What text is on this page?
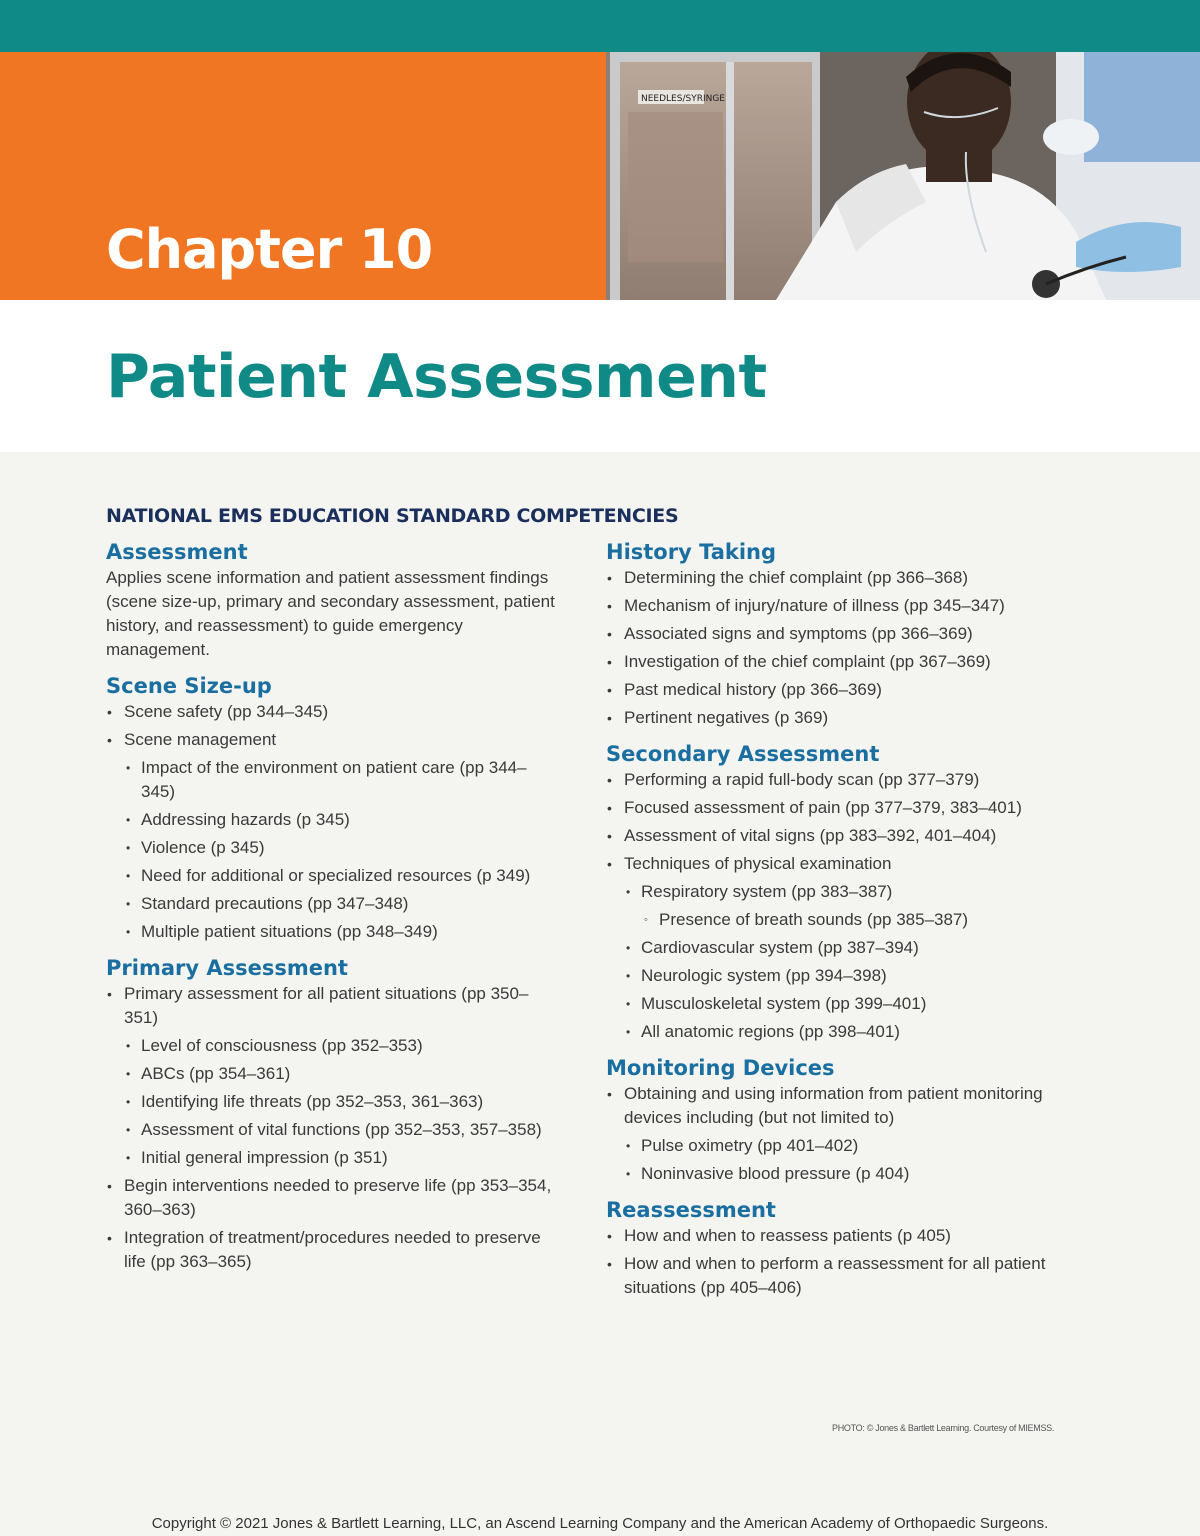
Chapter 10
NEEDLES/SYRINGE
Patient Assessment
NATIONAL EMS EDUCATION STANDARD COMPETENCIES
Assessment

Applies scene information and patient assessment findings (scene size-up, primary and secondary assessment, patient history, and reassessment) to guide emergency management.

Scene Size-up
• Scene safety (pp 344–345)
• Scene management
• Impact of the environment on patient care (pp 344–345)
• Addressing hazards (p 345)
• Violence (p 345)
• Need for additional or specialized resources (p 349)
• Standard precautions (pp 347–348)
• Multiple patient situations (pp 348–349)
Primary Assessment
• Primary assessment for all patient situations (pp 350–351)
• Level of consciousness (pp 352–353)
• ABCs (pp 354–361)
• Identifying life threats (pp 352–353, 361–363)
• Assessment of vital functions (pp 352–353, 357–358)
• Initial general impression (p 351)
• Begin interventions needed to preserve life (pp 353–354, 360–363)
• Integration of treatment/procedures needed to preserve life (pp 363–365)
History Taking
• Determining the chief complaint (pp 366–368)
• Mechanism of injury/nature of illness (pp 345–347)
• Associated signs and symptoms (pp 366–369)
• Investigation of the chief complaint (pp 367–369)
• Past medical history (pp 366–369)
• Pertinent negatives (p 369)
Secondary Assessment
• Performing a rapid full-body scan (pp 377–379)
• Focused assessment of pain (pp 377–379, 383–401)
• Assessment of vital signs (pp 383–392, 401–404)
• Techniques of physical examination
• Respiratory system (pp 383–387)
◦ Presence of breath sounds (pp 385–387)
• Cardiovascular system (pp 387–394)
• Neurologic system (pp 394–398)
• Musculoskeletal system (pp 399–401)
• All anatomic regions (pp 398–401)
Monitoring Devices
• Obtaining and using information from patient monitoring devices including (but not limited to)
• Pulse oximetry (pp 401–402)
• Noninvasive blood pressure (p 404)
Reassessment
• How and when to reassess patients (p 405)
• How and when to perform a reassessment for all patient situations (pp 405–406)
PHOTO: © Jones & Bartlett Learning. Courtesy of MIEMSS.
Copyright © 2021 Jones & Bartlett Learning, LLC, an Ascend Learning Company and the American Academy of Orthopaedic Surgeons.
